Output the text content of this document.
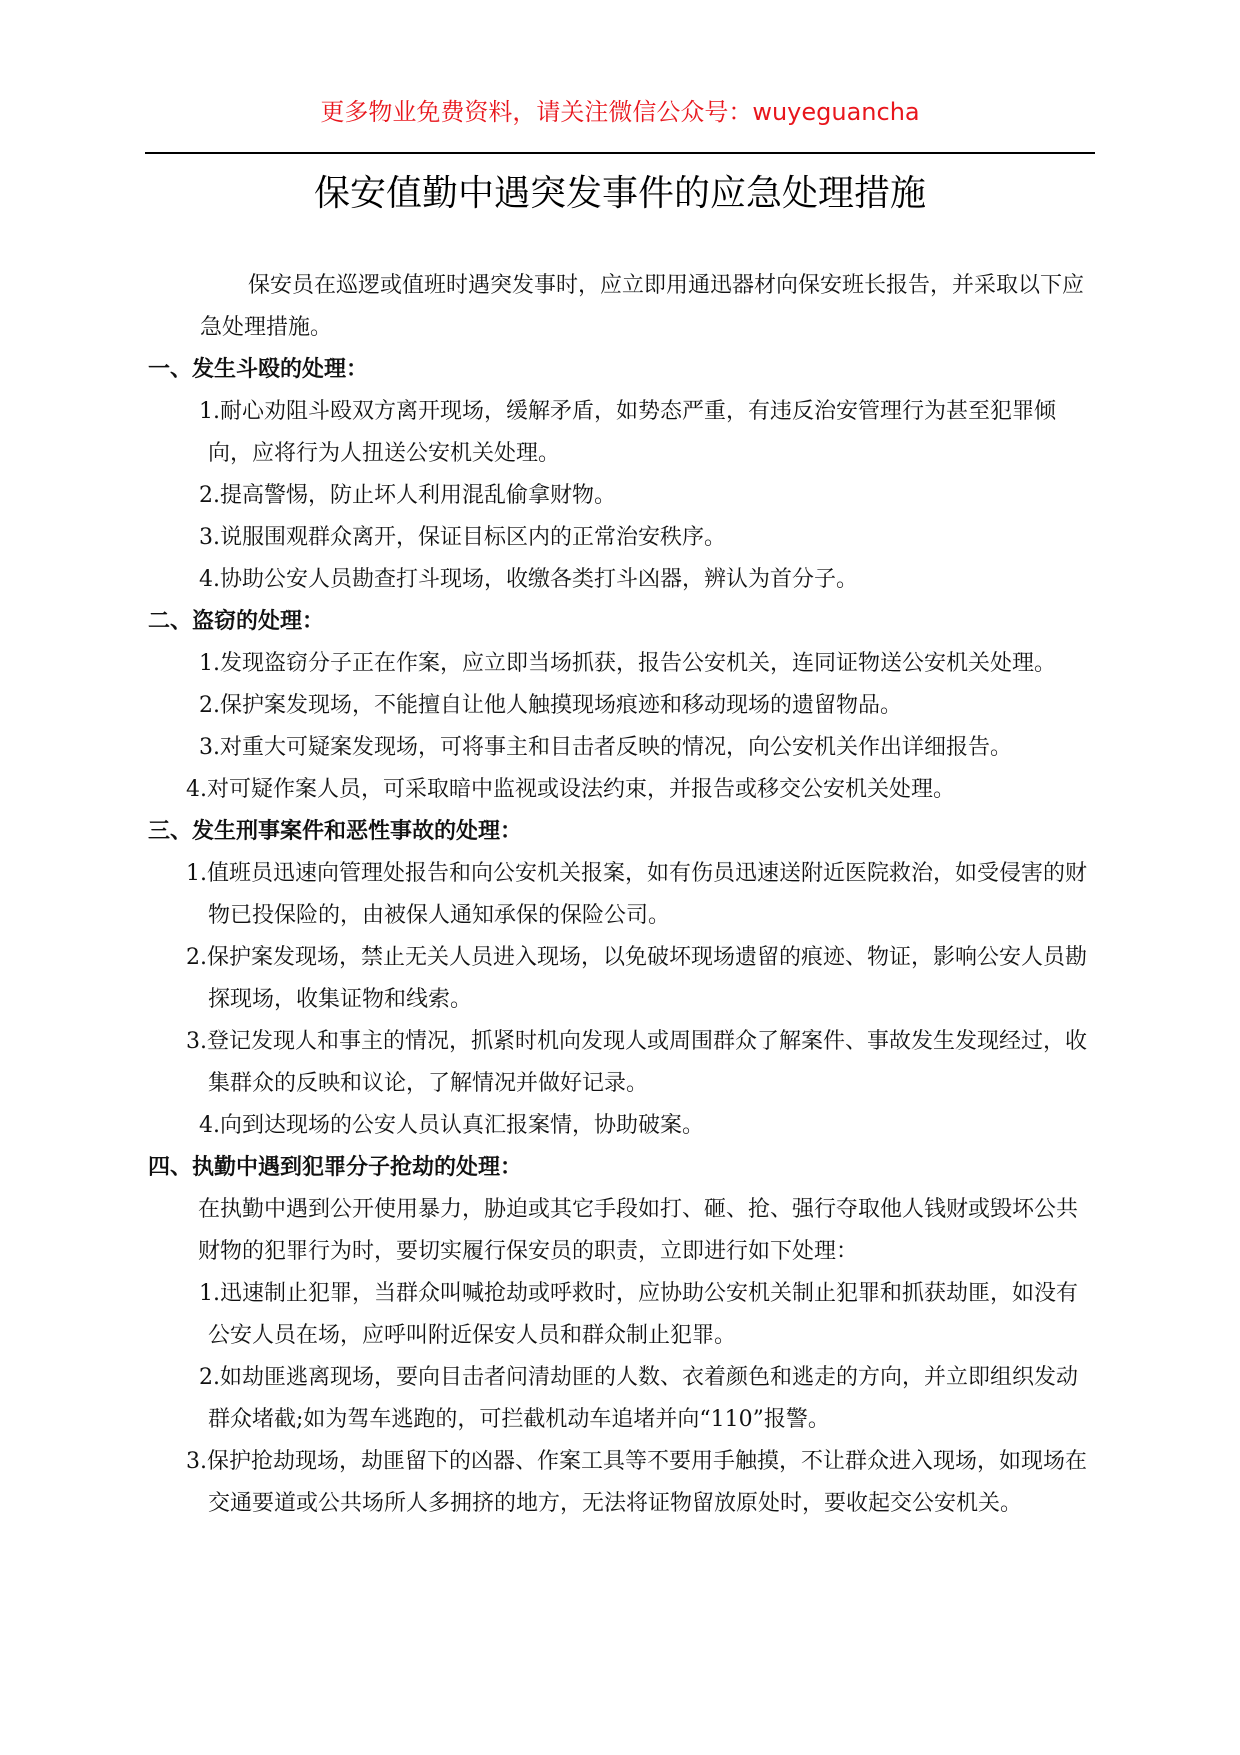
更多物业免费资料，请关注微信公众号：wuyeguancha
保安值勤中遇突发事件的应急处理措施

保安员在巡逻或值班时遇突发事时，应立即用通迅器材向保安班长报告，并采取以下应急处理措施。

一、发生斗殴的处理：

1.耐心劝阻斗殴双方离开现场，缓解矛盾，如势态严重，有违反治安管理行为甚至犯罪倾向，应将行为人扭送公安机关处理。

2.提高警惕，防止坏人利用混乱偷拿财物。

3.说服围观群众离开，保证目标区内的正常治安秩序。

4.协助公安人员勘查打斗现场，收缴各类打斗凶器，辨认为首分子。

二、盗窃的处理：

1.发现盗窃分子正在作案，应立即当场抓获，报告公安机关，连同证物送公安机关处理。

2.保护案发现场，不能擅自让他人触摸现场痕迹和移动现场的遗留物品。

3.对重大可疑案发现场，可将事主和目击者反映的情况，向公安机关作出详细报告。

4.对可疑作案人员，可采取暗中监视或设法约束，并报告或移交公安机关处理。

三、发生刑事案件和恶性事故的处理：

1.值班员迅速向管理处报告和向公安机关报案，如有伤员迅速送附近医院救治，如受侵害的财物已投保险的，由被保人通知承保的保险公司。

2.保护案发现场，禁止无关人员进入现场，以免破坏现场遗留的痕迹、物证，影响公安人员勘探现场，收集证物和线索。

3.登记发现人和事主的情况，抓紧时机向发现人或周围群众了解案件、事故发生发现经过，收集群众的反映和议论，了解情况并做好记录。

4.向到达现场的公安人员认真汇报案情，协助破案。

四、执勤中遇到犯罪分子抢劫的处理：

在执勤中遇到公开使用暴力，胁迫或其它手段如打、砸、抢、强行夺取他人钱财或毁坏公共财物的犯罪行为时，要切实履行保安员的职责，立即进行如下处理：

1.迅速制止犯罪，当群众叫喊抢劫或呼救时，应协助公安机关制止犯罪和抓获劫匪，如没有公安人员在场，应呼叫附近保安人员和群众制止犯罪。

2.如劫匪逃离现场，要向目击者问清劫匪的人数、衣着颜色和逃走的方向，并立即组织发动群众堵截;如为驾车逃跑的，可拦截机动车追堵并向“110”报警。

3.保护抢劫现场，劫匪留下的凶器、作案工具等不要用手触摸，不让群众进入现场，如现场在交通要道或公共场所人多拥挤的地方，无法将证物留放原处时，要收起交公安机关。
